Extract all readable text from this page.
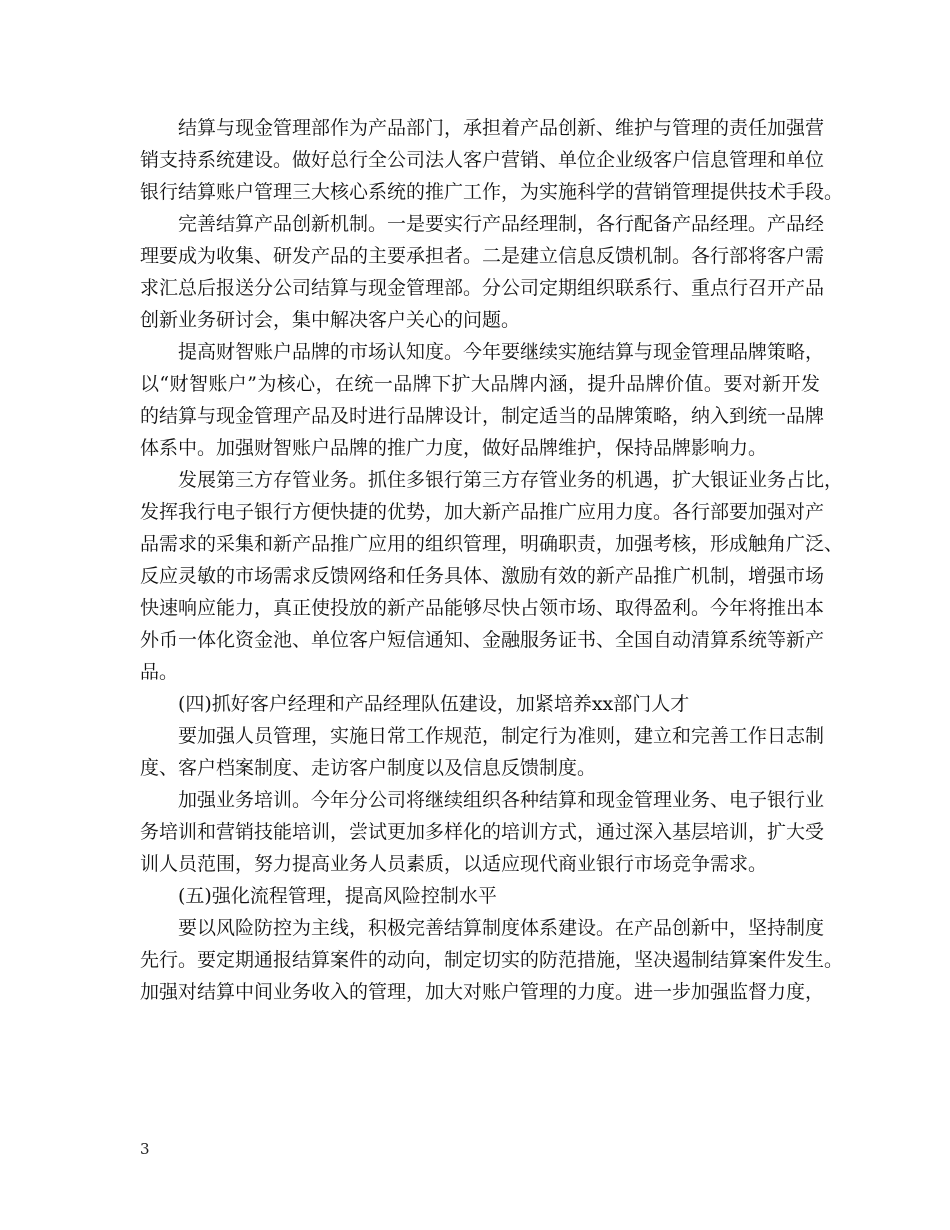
结算与现金管理部作为产品部门，承担着产品创新、维护与管理的责任加强营
销支持系统建设。做好总行全公司法人客户营销、单位企业级客户信息管理和单位
银行结算账户管理三大核心系统的推广工作，为实施科学的营销管理提供技术手段。

完善结算产品创新机制。一是要实行产品经理制，各行配备产品经理。产品经
理要成为收集、研发产品的主要承担者。二是建立信息反馈机制。各行部将客户需
求汇总后报送分公司结算与现金管理部。分公司定期组织联系行、重点行召开产品
创新业务研讨会，集中解决客户关心的问题。

提高财智账户品牌的市场认知度。今年要继续实施结算与现金管理品牌策略，
以“财智账户”为核心，在统一品牌下扩大品牌内涵，提升品牌价值。要对新开发
的结算与现金管理产品及时进行品牌设计，制定适当的品牌策略，纳入到统一品牌
体系中。加强财智账户品牌的推广力度，做好品牌维护，保持品牌影响力。

发展第三方存管业务。抓住多银行第三方存管业务的机遇，扩大银证业务占比，
发挥我行电子银行方便快捷的优势，加大新产品推广应用力度。各行部要加强对产
品需求的采集和新产品推广应用的组织管理，明确职责，加强考核，形成触角广泛、
反应灵敏的市场需求反馈网络和任务具体、激励有效的新产品推广机制，增强市场
快速响应能力，真正使投放的新产品能够尽快占领市场、取得盈利。今年将推出本
外币一体化资金池、单位客户短信通知、金融服务证书、全国自动清算系统等新产
品。

(四)抓好客户经理和产品经理队伍建设，加紧培养xx部门人才

要加强人员管理，实施日常工作规范，制定行为准则，建立和完善工作日志制
度、客户档案制度、走访客户制度以及信息反馈制度。

加强业务培训。今年分公司将继续组织各种结算和现金管理业务、电子银行业
务培训和营销技能培训，尝试更加多样化的培训方式，通过深入基层培训，扩大受
训人员范围，努力提高业务人员素质，以适应现代商业银行市场竞争需求。

(五)强化流程管理，提高风险控制水平

要以风险防控为主线，积极完善结算制度体系建设。在产品创新中，坚持制度
先行。要定期通报结算案件的动向，制定切实的防范措施，坚决遏制结算案件发生。
加强对结算中间业务收入的管理，加大对账户管理的力度。进一步加强监督力度，

3
